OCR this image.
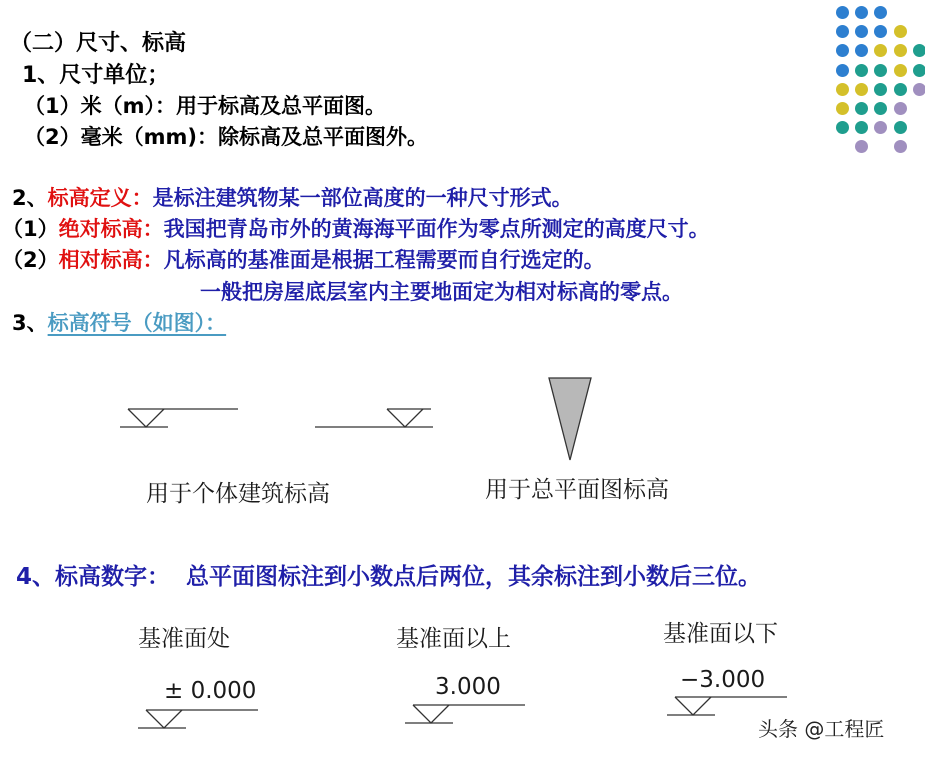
（二）尺寸、标高
1、尺寸单位；
（1）米（m）：用于标高及总平面图。
（2）毫米（mm)：除标高及总平面图外。
2、标高定义：是标注建筑物某一部位高度的一种尺寸形式。
（1）绝对标高：我国把青岛市外的黄海海平面作为零点所测定的高度尺寸。
（2）相对标高：凡标高的基准面是根据工程需要而自行选定的。
一般把房屋底层室内主要地面定为相对标高的零点。
3、标高符号（如图）：
用于个体建筑标高	用于总平面图标高
4、标高数字： 总平面图标注到小数点后两位，其余标注到小数后三位。
基准面处	基准面以上	基准面以下
± 0.000	3.000	−3.000
头条 @工程匠
